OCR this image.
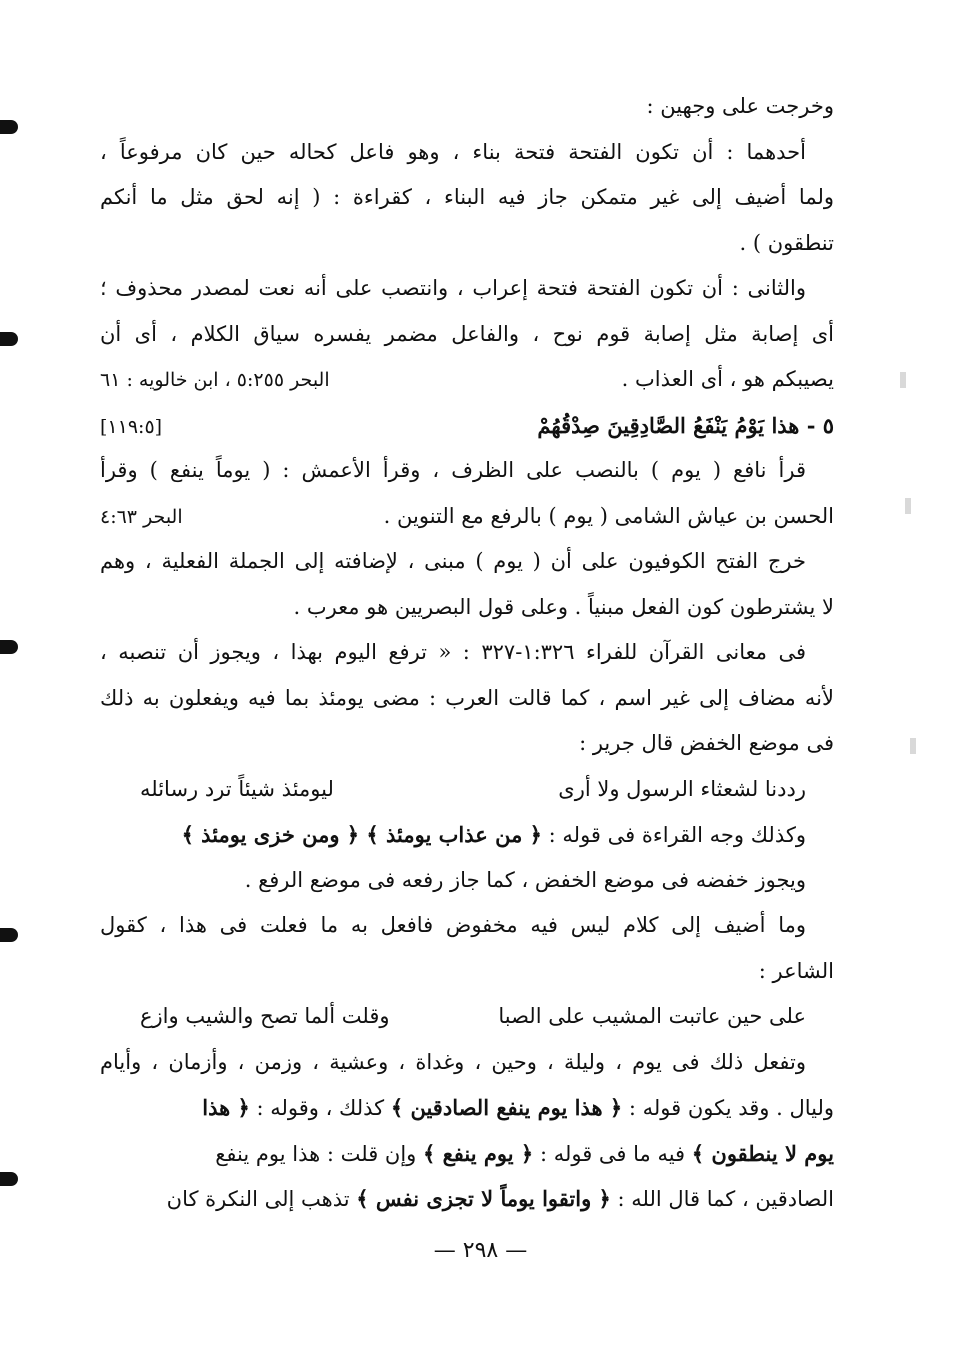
وخرجت على وجهين :

أحدهما : أن تكون الفتحة فتحة بناء ، وهو فاعل كحاله حين كان مرفوعاً ،

ولما أضيف إلى غير متمكن جاز فيه البناء ، كقراءة : ( إنه لحق مثل ما أنكم

تنطقون ) .

والثانى : أن تكون الفتحة فتحة إعراب ، وانتصب على أنه نعت لمصدر محذوف ؛

أى إصابة مثل إصابة قوم نوح ، والفاعل مضمر يفسره سياق الكلام ، أى أن

يصيبكم هو ، أى العذاب .
البحر ٥:٢٥٥ ، ابن خالويه : ٦١
٥ - هذا يَوْمُ يَنْفَعُ الصَّادِقِينَ صِدْقُهُمْ
[١١٩:٥]

قرأ نافع ( يوم ) بالنصب على الظرف ، وقرأ الأعمش : ( يوماً ينفع ) وقرأ

الحسن بن عياش الشامى ( يوم ) بالرفع مع التنوين .
البحر ٤:٦٣

خرج الفتح الكوفيون على أن ( يوم ) مبنى ، لإضافته إلى الجملة الفعلية ، وهم

لا يشترطون كون الفعل مبنياً . وعلى قول البصريين هو معرب .

فى معانى القرآن للفراء ١:٣٢٦-٣٢٧ : « ترفع اليوم بهذا ، ويجوز أن تنصبه ،

لأنه مضاف إلى غير اسم ، كما قالت العرب : مضى يومئذ بما فيه ويفعلون به ذلك

فى موضع الخفض قال جرير :

رددنا لشعثاء الرسول ولا أرى
ليومئذ شيئاً ترد رسائله

وكذلك وجه القراءة فى قوله : ﴿ من عذاب يومئذ ﴾ ﴿ ومن خزى يومئذ ﴾

ويجوز خفضه فى موضع الخفض ، كما جاز رفعه فى موضع الرفع .

وما أضيف إلى كلام ليس فيه مخفوض فافعل به ما فعلت فى هذا ، كقول

الشاعر :

على حين عاتبت المشيب على الصبا
وقلت ألما تصح والشيب وازع

وتفعل ذلك فى يوم ، وليلة ، وحين ، وغداة ، وعشية ، وزمن ، وأزمان ، وأيام

وليال . وقد يكون قوله : ﴿ هذا يوم ينفع الصادقين ﴾ كذلك ، وقوله : ﴿ هذا

يوم لا ينطقون ﴾ فيه ما فى قوله : ﴿ يوم ينفع ﴾ وإن قلت : هذا يوم ينفع

الصادقين ، كما قال الله : ﴿ واتقوا يوماً لا تجزى نفس ﴾ تذهب إلى النكرة كان

— ٢٩٨ —
